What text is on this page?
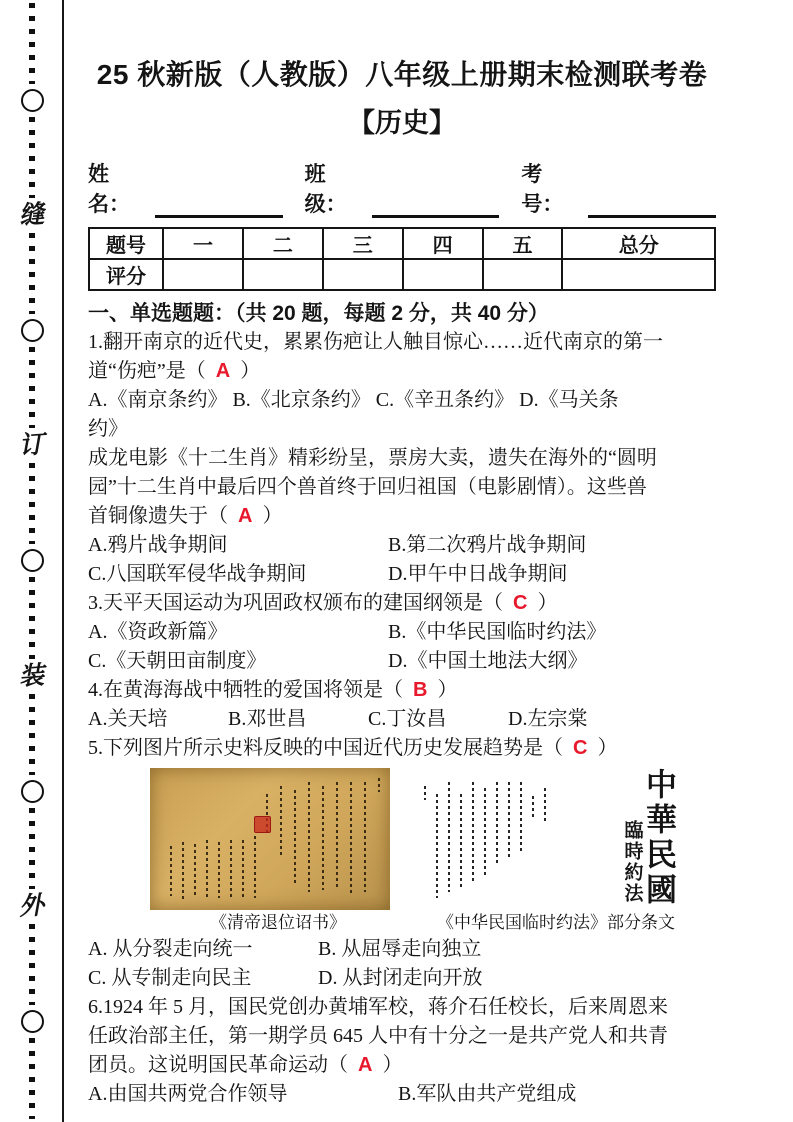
缝
订
装
外
25 秋新版（人教版）八年级上册期末检测联考卷
【历史】
姓名：
班级：
考号：
题号	一	二	三	四	五	总分
评分						
一、单选题题：（共 20 题，每题 2 分，共 40 分）
1.翻开南京的近代史，累累伤疤让人触目惊心……近代南京的第一
道“伤疤”是（ A ）
A.《南京条约》 B.《北京条约》 C.《辛丑条约》 D.《马关条
约》
成龙电影《十二生肖》精彩纷呈，票房大卖，遗失在海外的“圆明
园”十二生肖中最后四个兽首终于回归祖国（电影剧情）。这些兽
首铜像遗失于（ A ）
A.鸦片战争期间	B.第二次鸦片战争期间
C.八国联军侵华战争期间	D.甲午中日战争期间
3.天平天国运动为巩固政权颁布的建国纲领是（ C ）
A.《资政新篇》	B.《中华民国临时约法》
C.《天朝田亩制度》	D.《中国土地法大纲》
4.在黄海海战中牺牲的爱国将领是（ B ）
A.关天培	B.邓世昌	C.丁汝昌	D.左宗棠
5.下列图片所示史料反映的中国近代历史发展趋势是（ C ）
中華民國 臨時約法
《清帝退位诏书》	《中华民国临时约法》部分条文
A. 从分裂走向统一	B. 从屈辱走向独立
C. 从专制走向民主	D. 从封闭走向开放
6.1924 年 5 月，国民党创办黄埔军校，蒋介石任校长，后来周恩来
任政治部主任，第一期学员 645 人中有十分之一是共产党人和共青
团员。这说明国民革命运动（ A ）
A.由国共两党合作领导	B.军队由共产党组成
